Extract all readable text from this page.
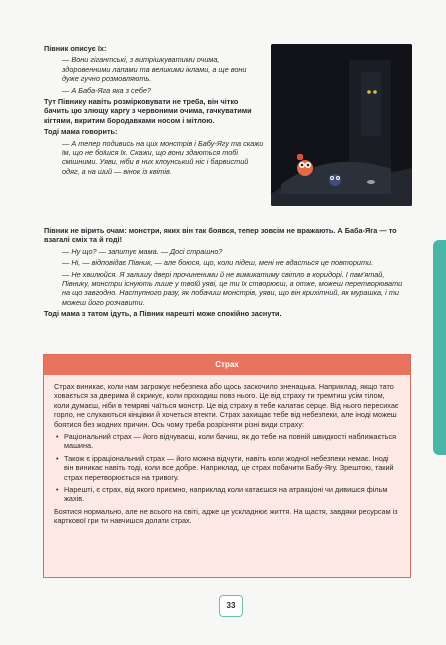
Півник описує їх:

— Вони гігантські, з витрішкуватими очима, здоровенними лапами та великими іклами, а ще вони дуже гучно розмовляють.

— А Баба-Яга яка з себе?

Тут Півнику навіть розмірковувати не треба, він чітко бачить цю злющу каргу з червоними очима, гачкуватими кігтями, вкритим бородавками носом і мітлою.

Тоді мама говорить:

— А тепер подивись на цих монстрів і Бабу-Ягу та скажи їм, що не боїшся їх. Скажи, що вони здаються тобі смішними. Уяви, ніби в них клоунський ніс і барвистий одяг, а на ший — вінок із квітів.

Півник не вірить очам: монстри, яких він так боявся, тепер зовсім не вражають. А Баба-Яга — то взагалі сміх та й годі!

— Ну що? — запитує мама. — Досі страшно?

— Ні, — відповідає Півник, — але боюся, що, коли підеш, мені не вдасться це повторити.

— Не хвилюйся. Я залишу двері прочиненими й не вимикатиму світло в коридорі. І пам'ятай, Півнику, монстри існують лише у твоїй уяві, це ти їх створюєш, а отже, можеш перетворювати на що завгодно. Наступного разу, як побачиш монстрів, уяви, що він крихітний, як мурашка, і ти можеш його розчавити.

Тоді мама з татом ідуть, а Півник нарешті може спокійно заснути.

Страх

Страх виникає, коли нам загрожує небезпека або щось заскочило зненацька. Наприклад, якщо тато ховається за дверима й скрикує, коли проходиш повз нього. Це від страху ти тремтиш усім тілом, коли думаєш, ніби в темряві чаїться монстр. Це від страху в тебе калатає серце. Від нього пересихає горло, не слухаються кінцівки й хочеться втекти. Страх захищає тебе від небезпеки, але іноді можеш боятися без жодних причин. Ось чому треба розрізняти різні види страху:

• Раціональний страх — його відчуваєш, коли бачиш, як до тебе на повній швидкості наближається машина.

• Також є ірраціональний страх — його можна відчути, навіть коли жодної небезпеки немає. Іноді він виникає навіть тоді, коли все добре. Наприклад, це страх побачити Бабу-Ягу. Зрештою, такий страх перетворюється на тривогу.

• Нарешті, є страх, від якого приємно, наприклад коли катаєшся на атракціоні чи дивишся фільм жахів.

Боятися нормально, але не всього на світі, адже це ускладнює життя. На щастя, завдяки ресурсам із карткової гри ти навчишся долати страх.

33
